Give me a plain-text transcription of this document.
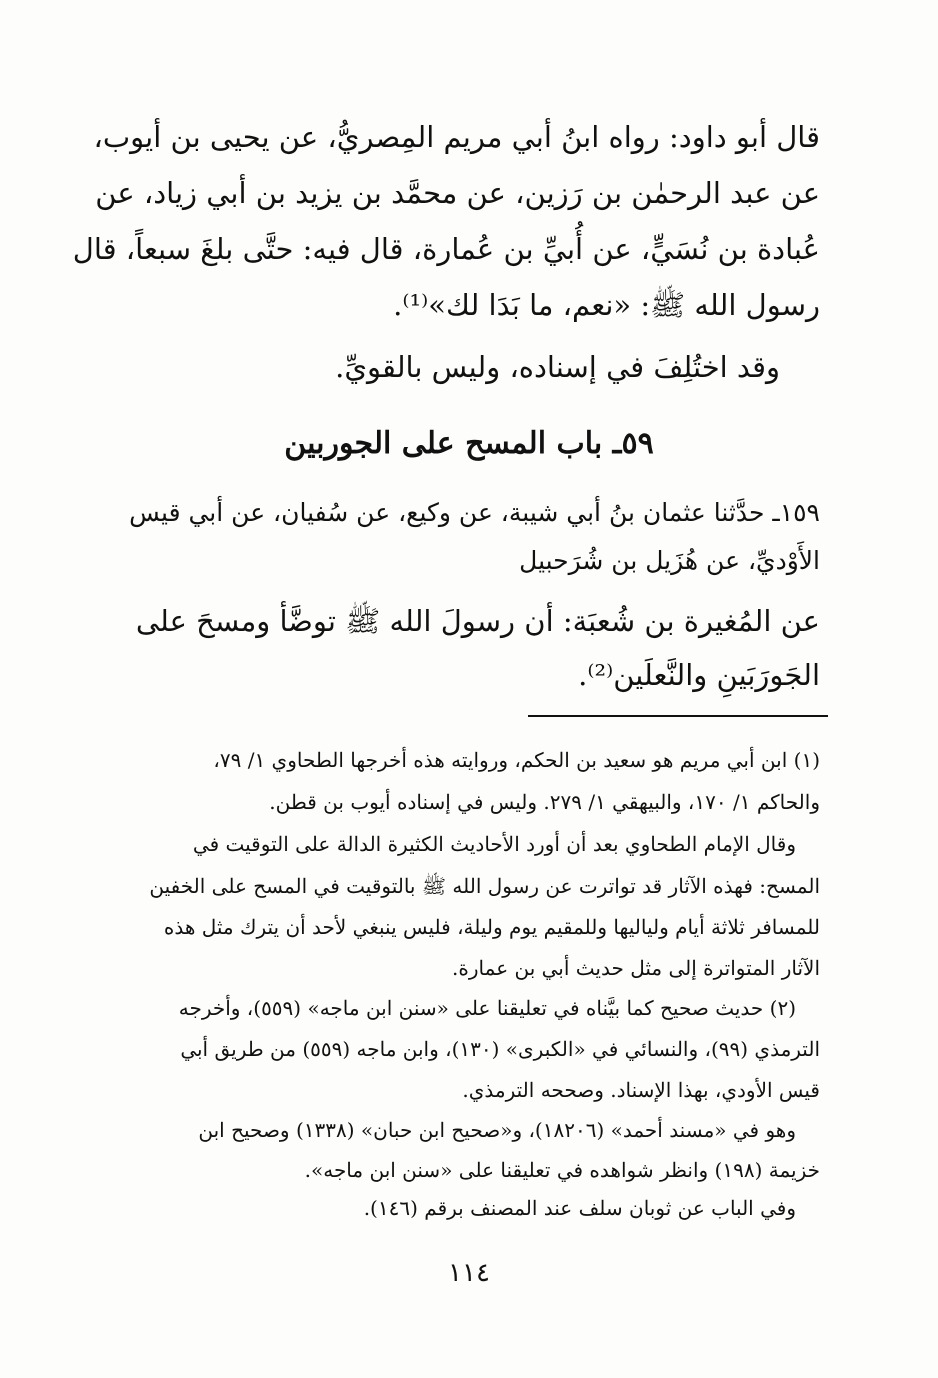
قال أبو داود: رواه ابنُ أبي مريم المِصريُّ، عن يحيى بن أيوب،
عن عبد الرحمٰن بن رَزين، عن محمَّد بن يزيد بن أبي زياد، عن
عُبادة بن نُسَيٍّ، عن أُبيِّ بن عُمارة، قال فيه: حتَّى بلغَ سبعاً، قال
رسول الله ﷺ: «نعم، ما بَدَا لك»⁽¹⁾.
وقد اختُلِفَ في إسناده، وليس بالقويِّ.
٥٩ـ باب المسح على الجوربين
١٥٩ـ حدَّثنا عثمان بنُ أبي شيبة، عن وكيع، عن سُفيان، عن أبي قيس
الأَوْديِّ، عن هُزَيل بن شُرَحبيل
عن المُغيرة بن شُعبَة: أن رسولَ الله ﷺ توضَّأ ومسحَ على
الجَورَبَينِ والنَّعلَين⁽²⁾.
(١) ابن أبي مريم هو سعيد بن الحكم، وروايته هذه أخرجها الطحاوي ١/ ٧٩،
والحاكم ١/ ١٧٠، والبيهقي ١/ ٢٧٩. وليس في إسناده أيوب بن قطن.
وقال الإمام الطحاوي بعد أن أورد الأحاديث الكثيرة الدالة على التوقيت في
المسح: فهذه الآثار قد تواترت عن رسول الله ﷺ بالتوقيت في المسح على الخفين
للمسافر ثلاثة أيام ولياليها وللمقيم يوم وليلة، فليس ينبغي لأحد أن يترك مثل هذه
الآثار المتواترة إلى مثل حديث أبي بن عمارة.
(٢) حديث صحيح كما بيَّناه في تعليقنا على «سنن ابن ماجه» (٥٥٩)، وأخرجه
الترمذي (٩٩)، والنسائي في «الكبرى» (١٣٠)، وابن ماجه (٥٥٩) من طريق أبي
قيس الأودي، بهذا الإسناد. وصححه الترمذي.
وهو في «مسند أحمد» (١٨٢٠٦)، و«صحيح ابن حبان» (١٣٣٨) وصحيح ابن
خزيمة (١٩٨) وانظر شواهده في تعليقنا على «سنن ابن ماجه».
وفي الباب عن ثوبان سلف عند المصنف برقم (١٤٦).
١١٤
